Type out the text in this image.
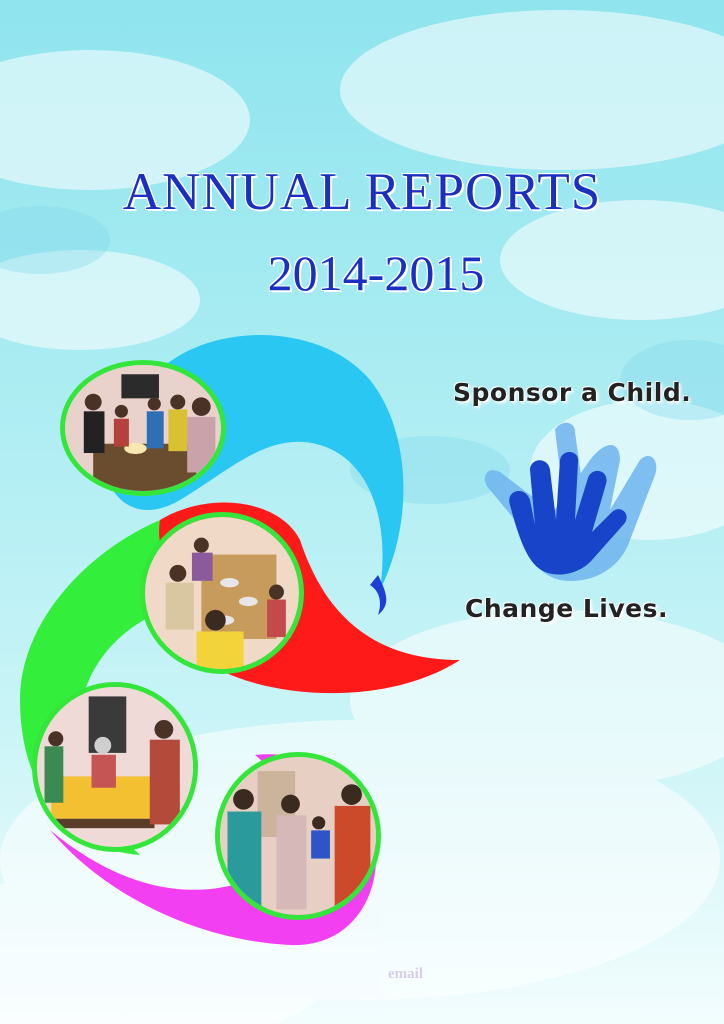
ANNUAL REPORTS
2014-2015
Sponsor a Child.
Change Lives.
email
